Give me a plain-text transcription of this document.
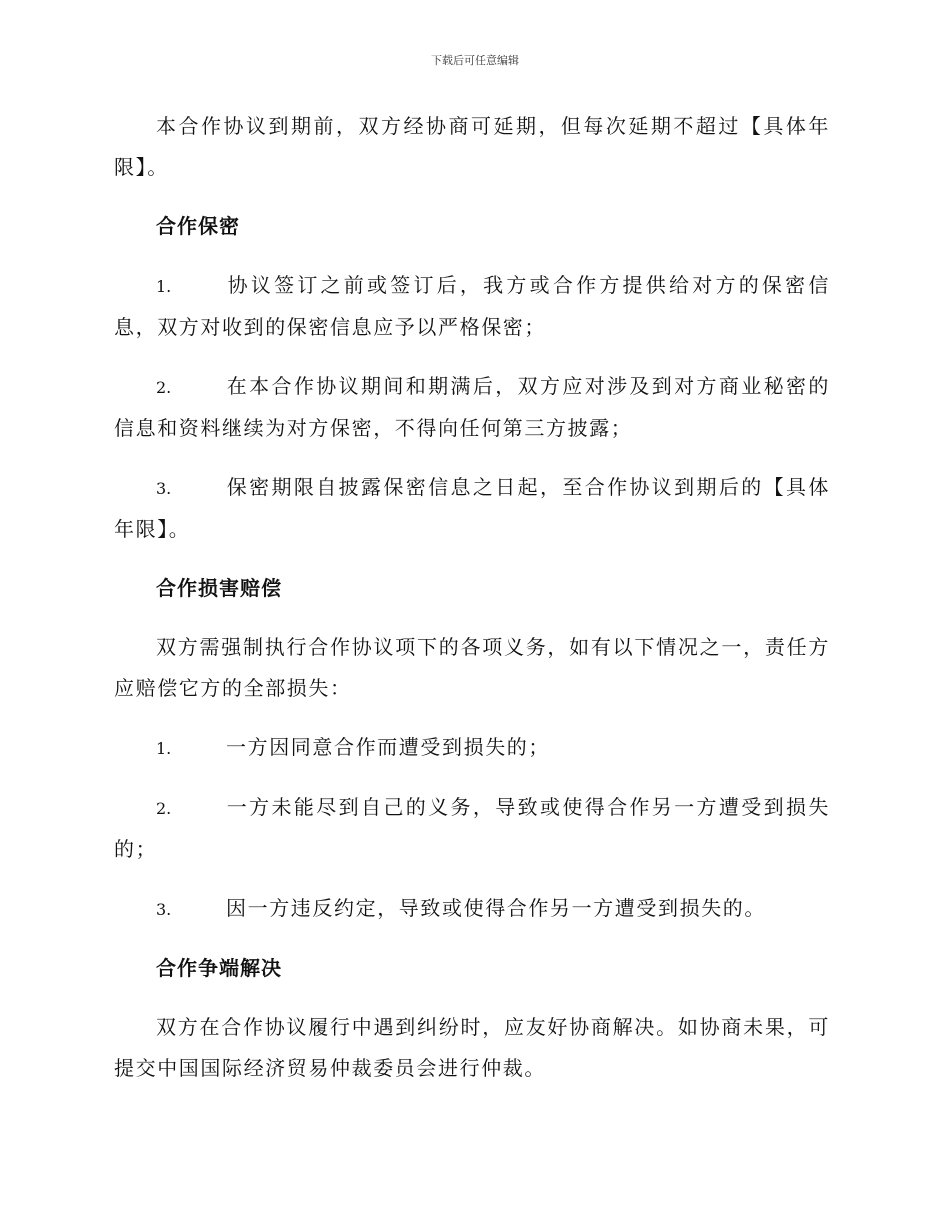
下载后可任意编辑

本合作协议到期前，双方经协商可延期，但每次延期不超过【具体年限】。

合作保密

1.	协议签订之前或签订后，我方或合作方提供给对方的保密信息，双方对收到的保密信息应予以严格保密；

2.	在本合作协议期间和期满后，双方应对涉及到对方商业秘密的信息和资料继续为对方保密，不得向任何第三方披露；

3.	保密期限自披露保密信息之日起，至合作协议到期后的【具体年限】。

合作损害赔偿

双方需强制执行合作协议项下的各项义务，如有以下情况之一，责任方应赔偿它方的全部损失：

1.	一方因同意合作而遭受到损失的；

2.	一方未能尽到自己的义务，导致或使得合作另一方遭受到损失的；

3.	因一方违反约定，导致或使得合作另一方遭受到损失的。

合作争端解决

双方在合作协议履行中遇到纠纷时，应友好协商解决。如协商未果，可提交中国国际经济贸易仲裁委员会进行仲裁。
